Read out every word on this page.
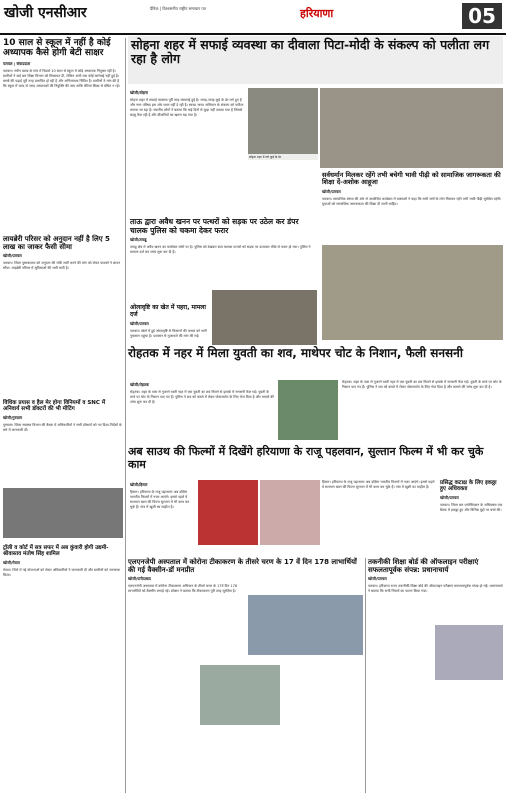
खोजी एनसीआर	दैनिक | विश्वसनीय राष्ट्रीय समाचार पत्र	हरियाणा	05
10 साल से स्कूल में नहीं है कोई अध्यापक कैसे होगी बेटी साक्षर
पलवल | संवाददाता
पलवल। नवीन खण्ड के गांव में पिछले 10 साल से स्कूल में कोई अध्यापक नियुक्त नहीं है। ग्रामीणों ने कई बार शिक्षा विभाग को शिकायत दी, लेकिन अभी तक कोई कार्रवाई नहीं हुई है। बच्चों की पढ़ाई पूरी तरह प्रभावित हो रही है और अभिभावक चिंतित हैं। ग्रामीणों ने मांग की है कि स्कूल में जल्द से जल्द अध्यापकों की नियुक्ति की जाए ताकि बेटियां शिक्षा से वंचित न रहें।
लायब्रेरी परिसर को अनुदान नहीं है लिए 5 लाख का जाकर फैसी सीमा
खोजी/पलवल
पलवल। जिला पुस्तकालय को अनुदान की राशि जारी करने की मांग को लेकर पाठकों ने ज्ञापन सौंपा। लाइब्रेरी परिसर में सुविधाओं की भारी कमी है।
विधिक प्रयास व हैल मेर होगा विनियमों व SNC में अनिवार्य सभी डॉक्टरों की भी मीटिंग
खोजी/गुरुग्राम
गुरुग्राम। जिला स्वास्थ्य विभाग की बैठक में अधिकारियों ने सभी डॉक्टरों को नए दिशा-निर्देशों के बारे में जानकारी दी।
ट्रॉली व कोर्ट में सत्र सफर में अब कुंवारी होगी उद्यमी-श्रीवास्तव मंतोष सिंह शामिल
खोजी/मेवात
मेवात। जिले में नई योजनाओं को लेकर अधिकारियों ने जानकारी दी और ग्रामीणों को जागरूक किया।
सोहना शहर में सफाई व्यवस्था का दीवाला पिटा-मोदी के संकल्प को पलीता लग रहा है लोग
खोजी/सोहना
सोहना शहर में सफाई व्यवस्था पूरी तरह चरमराई हुई है। जगह-जगह कूड़े के ढेर लगे हुए हैं और नगर परिषद इस ओर ध्यान नहीं दे रही है। स्वच्छ भारत अभियान के संकल्प को पलीता लगाया जा रहा है। स्थानीय लोगों ने बताया कि कई दिनों से कूड़ा नहीं उठाया गया है जिससे बदबू फैल रही है और बीमारियों का खतरा बढ़ गया है।
सोहना शहर में लगे कूड़े के ढेर
ताऊ द्वारा अवैध खनन पर पत्थरों को सड़क पर उठेल कर डंपर चालक पुलिस को चकमा देकर फरार
खोजी/तावडू
तावडू क्षेत्र में अवैध खनन का कारोबार जोरों पर है। पुलिस को देखकर डंपर चालक पत्थरों को सड़क पर उलटकर मौके से फरार हो गया। पुलिस ने मामला दर्ज कर जांच शुरू कर दी है।
ओलावृष्टि का खेत में पहरा, मामला दर्ज
खोजी/पलवल
पलवल। खेतों में हुई ओलावृष्टि से किसानों की फसल को भारी नुकसान पहुंचा है। प्रशासन से मुआवजे की मांग की गई।
सर्वधर्मान मिलकर रहेंगे तभी बचेगी भावी पीढ़ी को सामाजिक जागरूकता की शिक्षा दें-अशोक आहूजा
खोजी/पलवल
पलवल। सामाजिक संस्था की ओर से आयोजित कार्यक्रम में वक्ताओं ने कहा कि सभी धर्मों के लोग मिलकर रहेंगे तभी भावी पीढ़ी सुरक्षित रहेगी। युवाओं को सामाजिक जागरूकता की शिक्षा दी जानी चाहिए।
रोहतक में नहर में मिला युवती का शव, माथेपर चोट के निशान, फैली सनसनी
खोजी/रोहतक
रोहतक। शहर के पास से गुजरने वाली नहर में एक युवती का शव मिलने से इलाके में सनसनी फैल गई। युवती के माथे पर चोट के निशान पाए गए हैं। पुलिस ने शव को कब्जे में लेकर पोस्टमार्टम के लिए भेज दिया है और मामले की जांच शुरू कर दी है।
रोहतक। शहर के पास से गुजरने वाली नहर में एक युवती का शव मिलने से इलाके में सनसनी फैल गई। युवती के माथे पर चोट के निशान पाए गए हैं। पुलिस ने शव को कब्जे में लेकर पोस्टमार्टम के लिए भेज दिया है और मामले की जांच शुरू कर दी है।
अब साउथ की फिल्मों में दिखेंगे हरियाणा के राजू पहलवान, सुल्तान फिल्म में भी कर चुके काम
खोजी/हिसार
हिसार। हरियाणा के राजू पहलवान अब दक्षिण भारतीय फिल्मों में नजर आएंगे। इससे पहले वे सलमान खान की फिल्म सुल्तान में भी काम कर चुके हैं। गांव में खुशी का माहौल है।
हिसार। हरियाणा के राजू पहलवान अब दक्षिण भारतीय फिल्मों में नजर आएंगे। इससे पहले वे सलमान खान की फिल्म सुल्तान में भी काम कर चुके हैं। गांव में खुशी का माहौल है।
प्रसिद्ध कटाक्ष के लिए इकठ्ठा हुए अधिवक्ता
खोजी/पलवल
पलवल। जिला बार एसोसिएशन के अधिवक्ता एक बैठक में इकठ्ठा हुए और विभिन्न मुद्दों पर चर्चा की।
एलएनजेपी अस्पताल में कोरोना टीकाकरण के तीसरे चरण के 17 वें दिन 178 लाभार्थियों की गई वैक्सीन-डॉ मनप्रीत
खोजी/फरीदाबाद
एलएनजेपी अस्पताल में कोरोना टीकाकरण अभियान के तीसरे चरण के 17वें दिन 178 लाभार्थियों को वैक्सीन लगाई गई। डॉक्टर ने बताया कि टीकाकरण पूरी तरह सुरक्षित है।
तकनीकी शिक्षा बोर्ड की ऑफलाइन परीक्षाएं सफलतापूर्वक संपन्न: प्रधानाचार्य
खोजी/पलवल
पलवल। हरियाणा राज्य तकनीकी शिक्षा बोर्ड की ऑफलाइन परीक्षाएं सफलतापूर्वक संपन्न हो गईं। प्रधानाचार्य ने बताया कि सभी नियमों का पालन किया गया।
